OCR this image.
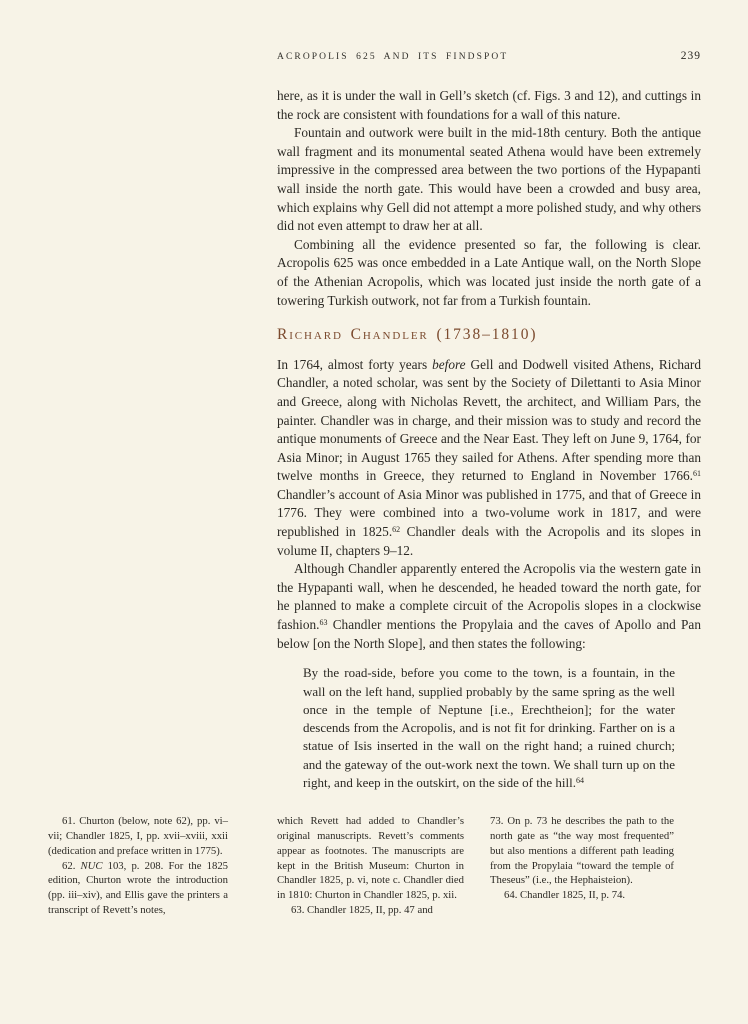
ACROPOLIS 625 AND ITS FINDSPOT	239

here, as it is under the wall in Gell’s sketch (cf. Figs. 3 and 12), and cuttings in the rock are consistent with foundations for a wall of this nature.

Fountain and outwork were built in the mid-18th century. Both the antique wall fragment and its monumental seated Athena would have been extremely impressive in the compressed area between the two portions of the Hypapanti wall inside the north gate. This would have been a crowded and busy area, which explains why Gell did not attempt a more polished study, and why others did not even attempt to draw her at all.

Combining all the evidence presented so far, the following is clear. Acropolis 625 was once embedded in a Late Antique wall, on the North Slope of the Athenian Acropolis, which was located just inside the north gate of a towering Turkish outwork, not far from a Turkish fountain.

Richard Chandler (1738–1810)

In 1764, almost forty years before Gell and Dodwell visited Athens, Richard Chandler, a noted scholar, was sent by the Society of Dilettanti to Asia Minor and Greece, along with Nicholas Revett, the architect, and William Pars, the painter. Chandler was in charge, and their mission was to study and record the antique monuments of Greece and the Near East. They left on June 9, 1764, for Asia Minor; in August 1765 they sailed for Athens. After spending more than twelve months in Greece, they returned to England in November 1766.61 Chandler’s account of Asia Minor was published in 1775, and that of Greece in 1776. They were combined into a two-volume work in 1817, and were republished in 1825.62 Chandler deals with the Acropolis and its slopes in volume II, chapters 9–12.

Although Chandler apparently entered the Acropolis via the western gate in the Hypapanti wall, when he descended, he headed toward the north gate, for he planned to make a complete circuit of the Acropolis slopes in a clockwise fashion.$^{63}$ Chandler mentions the Propylaia and the caves of Apollo and Pan below [on the North Slope], and then states the following:

By the road-side, before you come to the town, is a fountain, in the wall on the left hand, supplied probably by the same spring as the well once in the temple of Neptune [i.e., Erechtheion]; for the water descends from the Acropolis, and is not fit for drinking. Farther on is a statue of Isis inserted in the wall on the right hand; a ruined church; and the gateway of the out-work next the town. We shall turn up on the right, and keep in the outskirt, on the side of the hill.$^{64}$

61. Churton (below, note 62), pp. vi–vii; Chandler 1825, I, pp. xvii–xviii, xxii (dedication and preface written in 1775).

62. NUC 103, p. 208. For the 1825 edition, Churton wrote the introduction (pp. iii–xiv), and Ellis gave the printers a transcript of Revett’s notes,

which Revett had added to Chandler’s original manuscripts. Revett’s comments appear as footnotes. The manuscripts are kept in the British Museum: Churton in Chandler 1825, p. vi, note c. Chandler died in 1810: Churton in Chandler 1825, p. xii.

63. Chandler 1825, II, pp. 47 and

73. On p. 73 he describes the path to the north gate as “the way most frequented” but also mentions a different path leading from the Propylaia “toward the temple of Theseus” (i.e., the Hephaisteion).

64. Chandler 1825, II, p. 74.
